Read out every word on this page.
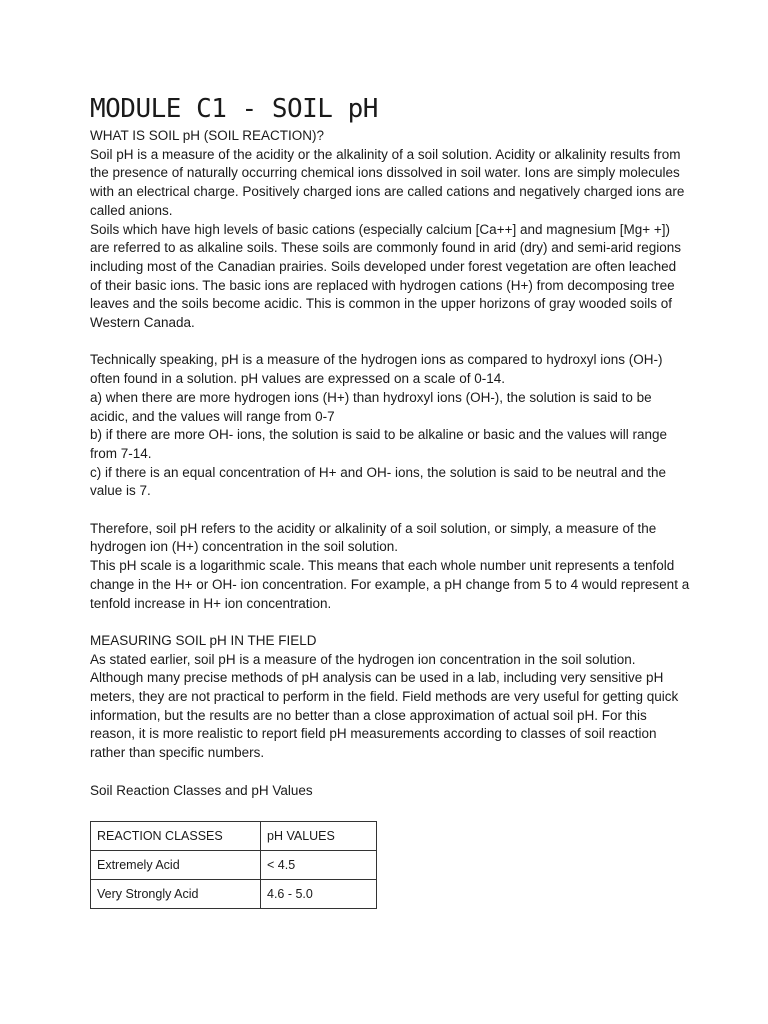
MODULE C1 - SOIL pH

WHAT IS SOIL pH (SOIL REACTION)?

Soil pH is a measure of the acidity or the alkalinity of a soil solution. Acidity or alkalinity results from the presence of naturally occurring chemical ions dissolved in soil water. Ions are simply molecules with an electrical charge. Positively charged ions are called cations and negatively charged ions are called anions.

Soils which have high levels of basic cations (especially calcium [Ca++] and magnesium [Mg+ +]) are referred to as alkaline soils. These soils are commonly found in arid (dry) and semi-arid regions including most of the Canadian prairies. Soils developed under forest vegetation are often leached of their basic ions. The basic ions are replaced with hydrogen cations (H+) from decomposing tree leaves and the soils become acidic. This is common in the upper horizons of gray wooded soils of Western Canada.

Technically speaking, pH is a measure of the hydrogen ions as compared to hydroxyl ions (OH-) often found in a solution. pH values are expressed on a scale of 0-14.

a) when there are more hydrogen ions (H+) than hydroxyl ions (OH-), the solution is said to be acidic, and the values will range from 0-7

b) if there are more OH- ions, the solution is said to be alkaline or basic and the values will range from 7-14.

c) if there is an equal concentration of H+ and OH- ions, the solution is said to be neutral and the value is 7.

Therefore, soil pH refers to the acidity or alkalinity of a soil solution, or simply, a measure of the hydrogen ion (H+) concentration in the soil solution.

This pH scale is a logarithmic scale. This means that each whole number unit represents a tenfold change in the H+ or OH- ion concentration. For example, a pH change from 5 to 4 would represent a tenfold increase in H+ ion concentration.

MEASURING SOIL pH IN THE FIELD

As stated earlier, soil pH is a measure of the hydrogen ion concentration in the soil solution. Although many precise methods of pH analysis can be used in a lab, including very sensitive pH meters, they are not practical to perform in the field. Field methods are very useful for getting quick information, but the results are no better than a close approximation of actual soil pH. For this reason, it is more realistic to report field pH measurements according to classes of soil reaction rather than specific numbers.

Soil Reaction Classes and pH Values

REACTION CLASSES	pH VALUES
Extremely Acid	< 4.5
Very Strongly Acid	4.6 - 5.0
